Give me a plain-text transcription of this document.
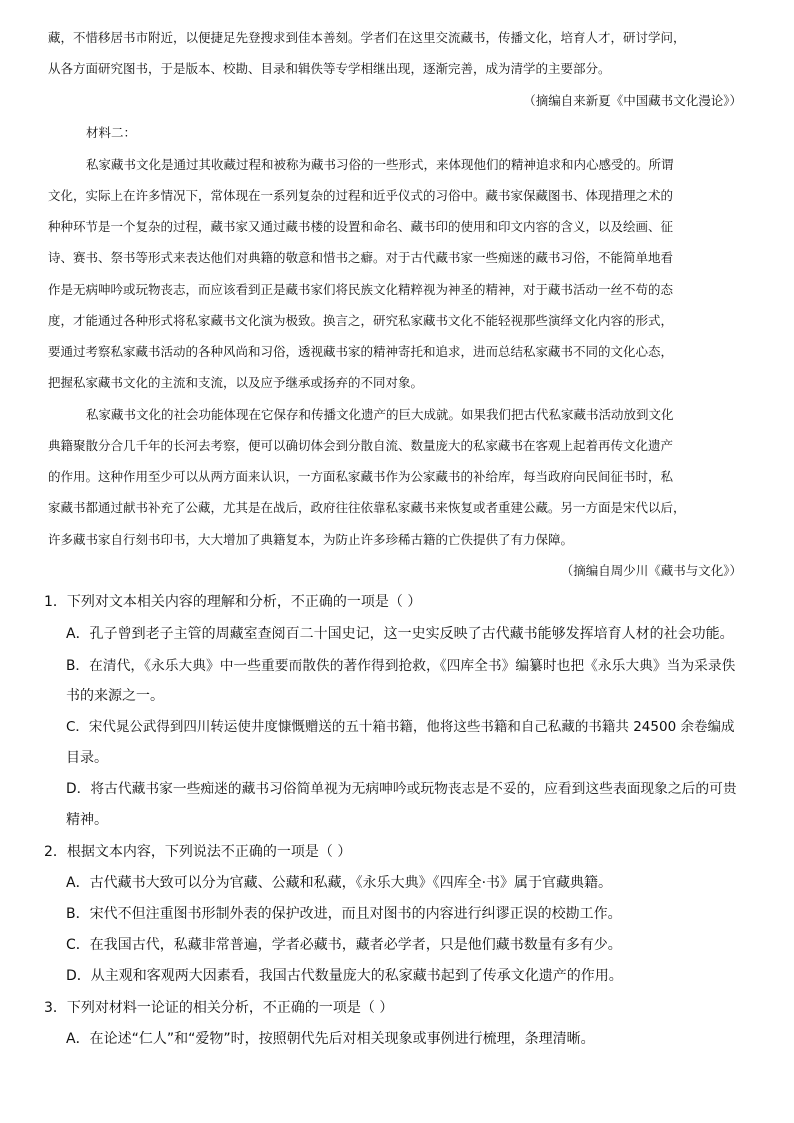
藏，不惜移居书市附近，以便捷足先登搜求到佳本善刻。学者们在这里交流藏书，传播文化，培育人才，研讨学问，
从各方面研究图书，于是版本、校勘、目录和辑佚等专学相继出现，逐渐完善，成为清学的主要部分。
（摘编自来新夏《中国藏书文化漫论》）
材料二：
私家藏书文化是通过其收藏过程和被称为藏书习俗的一些形式，来体现他们的精神追求和内心感受的。所谓
文化，实际上在许多情况下，常体现在一系列复杂的过程和近乎仪式的习俗中。藏书家保藏图书、体现措理之术的
种种环节是一个复杂的过程，藏书家又通过藏书楼的设置和命名、藏书印的使用和印文内容的含义，以及绘画、征
诗、赛书、祭书等形式来表达他们对典籍的敬意和惜书之癖。对于古代藏书家一些痴迷的藏书习俗，不能简单地看
作是无病呻吟或玩物丧志，而应该看到正是藏书家们将民族文化精粹视为神圣的精神，对于藏书活动一丝不苟的态
度，才能通过各种形式将私家藏书文化演为极致。换言之，研究私家藏书文化不能轻视那些演绎文化内容的形式，
要通过考察私家藏书活动的各种风尚和习俗，透视藏书家的精神寄托和追求，进而总结私家藏书不同的文化心态，
把握私家藏书文化的主流和支流，以及应予继承或扬弃的不同对象。
私家藏书文化的社会功能体现在它保存和传播文化遗产的巨大成就。如果我们把古代私家藏书活动放到文化
典籍聚散分合几千年的长河去考察，便可以确切体会到分散自流、数量庞大的私家藏书在客观上起着再传文化遗产
的作用。这种作用至少可以从两方面来认识，一方面私家藏书作为公家藏书的补给库，每当政府向民间征书时，私
家藏书都通过献书补充了公藏，尤其是在战后，政府往往依靠私家藏书来恢复或者重建公藏。另一方面是宋代以后，
许多藏书家自行刻书印书，大大增加了典籍复本，为防止许多珍稀古籍的亡佚提供了有力保障。
（摘编自周少川《藏书与文化》）
1．下列对文本相关内容的理解和分析，不正确的一项是（ ）
A．孔子曾到老子主管的周藏室查阅百二十国史记，这一史实反映了古代藏书能够发挥培育人材的社会功能。
B．在清代，《永乐大典》中一些重要而散佚的著作得到抢救，《四库全书》编纂时也把《永乐大典》当为采录佚
书的来源之一。
C．宋代晁公武得到四川转运使井度慷慨赠送的五十箱书籍，他将这些书籍和自己私藏的书籍共 24500 余卷编成
目录。
D．将古代藏书家一些痴迷的藏书习俗简单视为无病呻吟或玩物丧志是不妥的，应看到这些表面现象之后的可贵
精神。
2．根据文本内容，下列说法不正确的一项是（ ）
A．古代藏书大致可以分为官藏、公藏和私藏，《永乐大典》《四库全·书》属于官藏典籍。
B．宋代不但注重图书形制外表的保护改进，而且对图书的内容进行纠谬正误的校勘工作。
C．在我国古代，私藏非常普遍，学者必藏书，藏者必学者，只是他们藏书数量有多有少。
D．从主观和客观两大因素看，我国古代数量庞大的私家藏书起到了传承文化遗产的作用。
3．下列对材料一论证的相关分析，不正确的一项是（ ）
A．在论述“仁人”和“爱物”时，按照朝代先后对相关现象或事例进行梳理，条理清晰。
